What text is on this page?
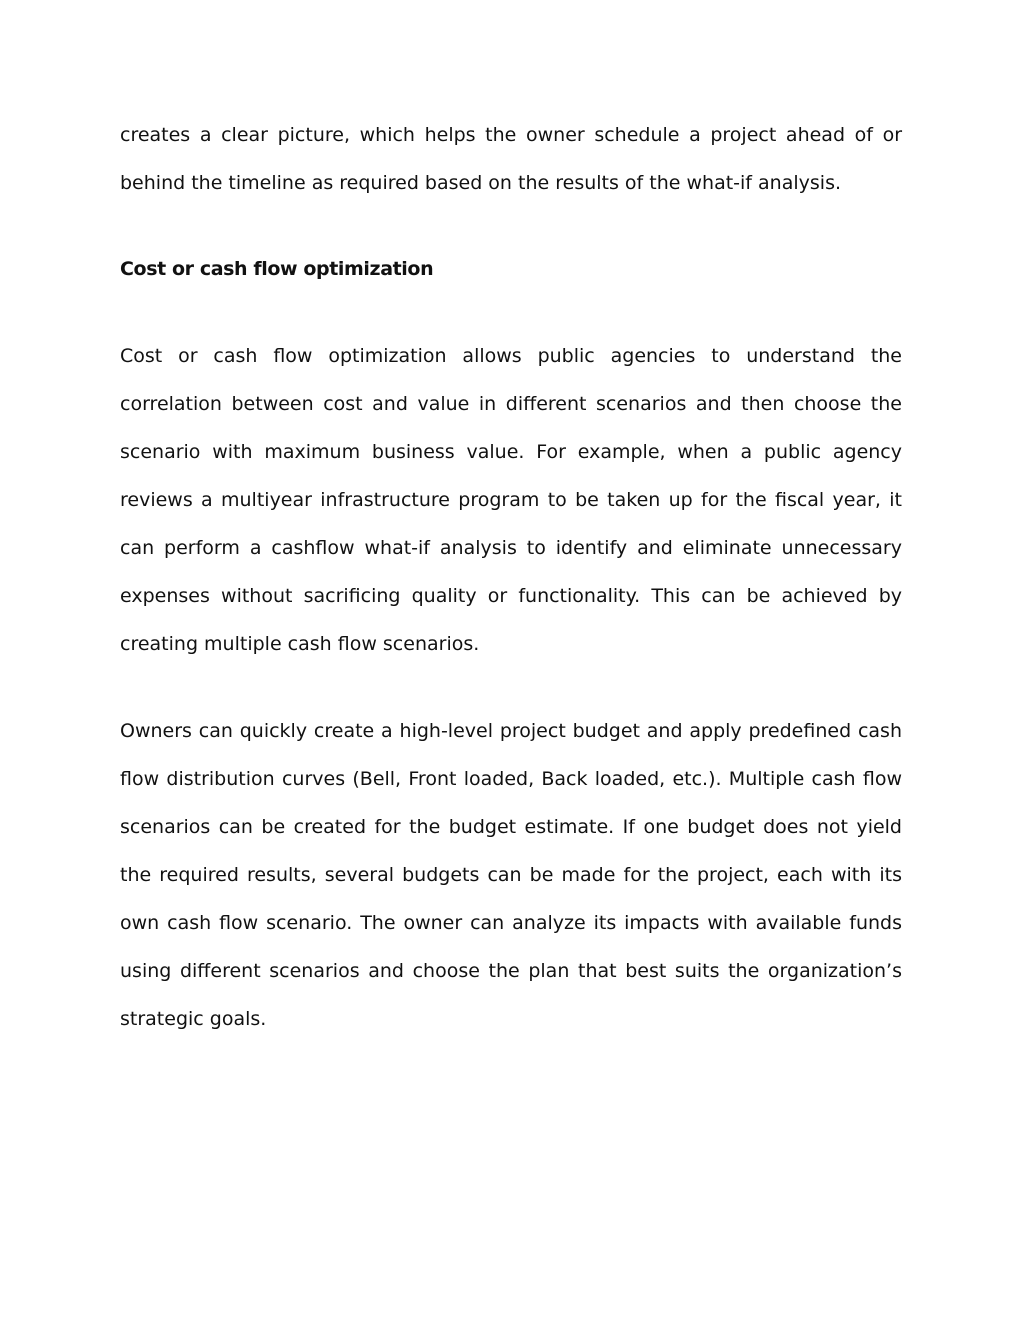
creates a clear picture, which helps the owner schedule a project ahead of or behind the timeline as required based on the results of the what-if analysis.

Cost or cash flow optimization

Cost or cash flow optimization allows public agencies to understand the correlation between cost and value in different scenarios and then choose the scenario with maximum business value. For example, when a public agency reviews a multiyear infrastructure program to be taken up for the fiscal year, it can perform a cashflow what-if analysis to identify and eliminate unnecessary expenses without sacrificing quality or functionality. This can be achieved by creating multiple cash flow scenarios.

Owners can quickly create a high-level project budget and apply predefined cash flow distribution curves (Bell, Front loaded, Back loaded, etc.). Multiple cash flow scenarios can be created for the budget estimate. If one budget does not yield the required results, several budgets can be made for the project, each with its own cash flow scenario. The owner can analyze its impacts with available funds using different scenarios and choose the plan that best suits the organization’s strategic goals.
